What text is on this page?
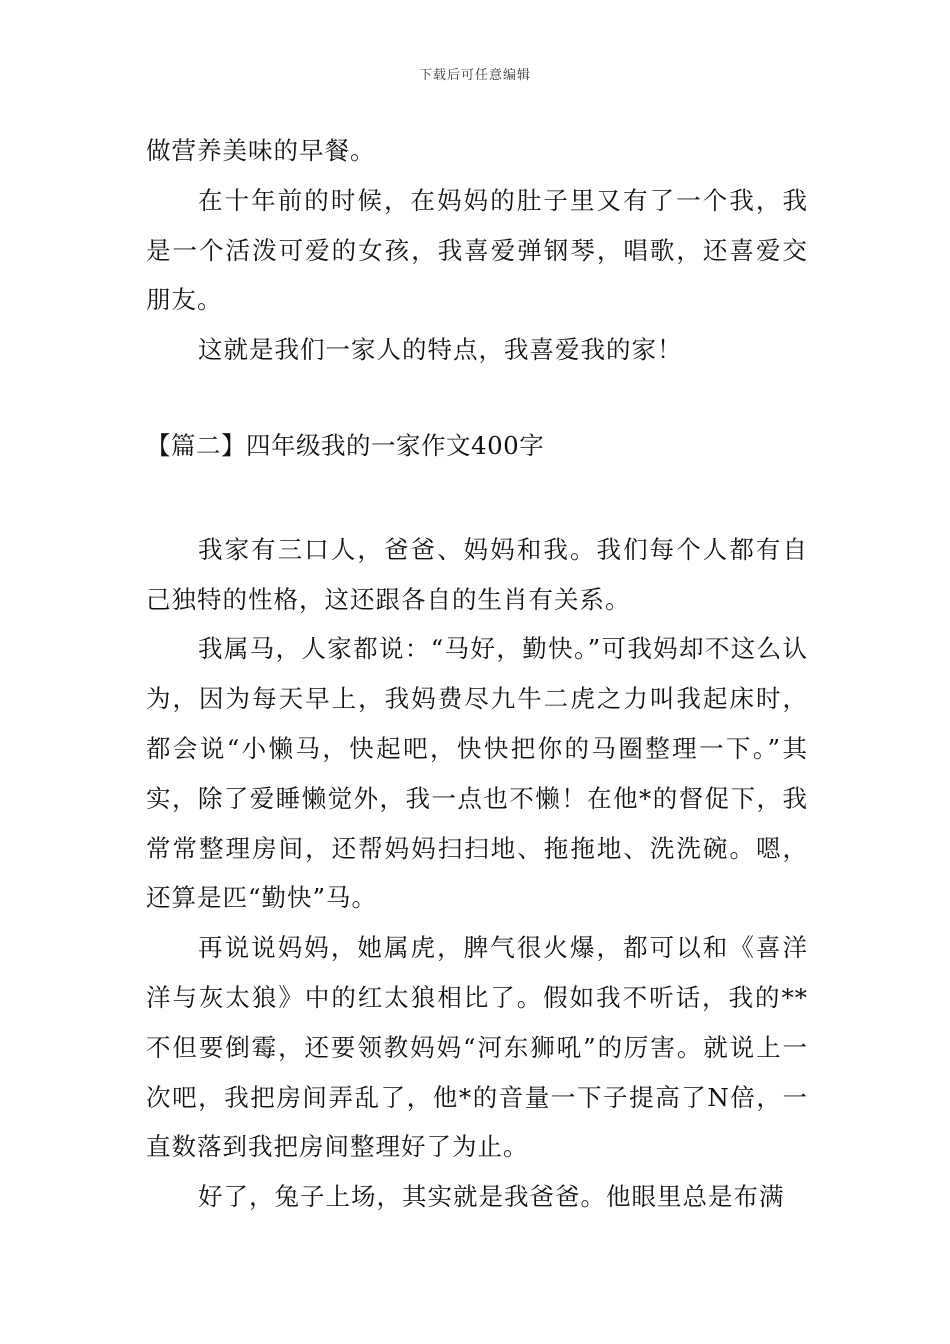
下载后可任意编辑

做营养美味的早餐。

在十年前的时候，在妈妈的肚子里又有了一个我，我是一个活泼可爱的女孩，我喜爱弹钢琴，唱歌，还喜爱交朋友。

这就是我们一家人的特点，我喜爱我的家！

【篇二】四年级我的一家作文400字

我家有三口人，爸爸、妈妈和我。我们每个人都有自己独特的性格，这还跟各自的生肖有关系。

我属马，人家都说：“马好，勤快。”可我妈却不这么认为，因为每天早上，我妈费尽九牛二虎之力叫我起床时，都会说“小懒马，快起吧，快快把你的马圈整理一下。”其实，除了爱睡懒觉外，我一点也不懒！在他*的督促下，我常常整理房间，还帮妈妈扫扫地、拖拖地、洗洗碗。嗯，还算是匹“勤快”马。

再说说妈妈，她属虎，脾气很火爆，都可以和《喜洋洋与灰太狼》中的红太狼相比了。假如我不听话，我的**不但要倒霉，还要领教妈妈“河东狮吼”的厉害。就说上一次吧，我把房间弄乱了，他*的音量一下子提高了N倍，一直数落到我把房间整理好了为止。

好了，兔子上场，其实就是我爸爸。他眼里总是布满
